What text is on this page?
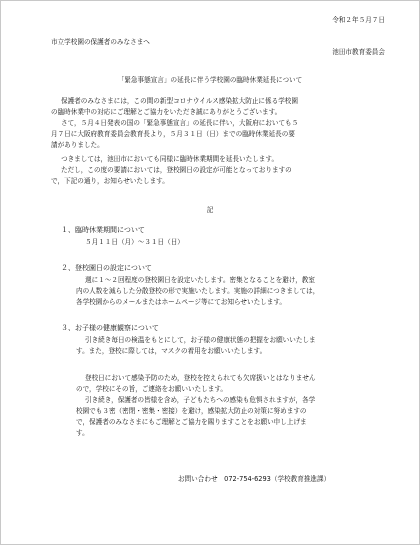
令和２年５月７日
市立学校園の保護者のみなさまへ
池田市教育委員会
「緊急事態宣言」の延長に伴う学校園の臨時休業延長について
保護者のみなさまには，この間の新型コロナウイルス感染拡大防止に係る学校園
の臨時休業中の対応にご理解とご協力をいただき誠にありがとうございます。
さて，５月４日発表の国の「緊急事態宣言」の延長に伴い，大阪府においても５
月７日に大阪府教育委員会教育長より，５月３１日（日）までの臨時休業延長の要
請がありました。
つきましては，池田市においても同様に臨時休業期間を延長いたします。
ただし，この度の要請においては，登校園日の設定が可能となっておりますの
で，下記の通り，お知らせいたします。
記
１、臨時休業期間について
５月１１日（月）～３１日（日）
２、登校園日の設定について
週に１～２回程度の登校園日を設定いたします。密集となることを避け，教室
内の人数を減らした分散登校の形で実施いたします。実施の詳細につきましては，
各学校園からのメールまたはホームページ等にてお知らせいたします。
３、お子様の健康観察について
引き続き毎日の検温をもとにして，お子様の健康状態の把握をお願いいたしま
す。また，登校に際しては，マスクの着用をお願いいたします。
登校日において感染予防のため，登校を控えられても欠席扱いとはなりません
ので，学校にその旨，ご連絡をお願いいたします。
引き続き，保護者の皆様を含め，子どもたちへの感染も危惧されますが，各学
校園でも３密（密閉・密集・密接）を避け，感染拡大防止の対策に努めますの
で，保護者のみなさまにもご理解とご協力を賜りますことをお願い申し上げま
す。
お問い合わせ　072-754-6293（学校教育推進課）
